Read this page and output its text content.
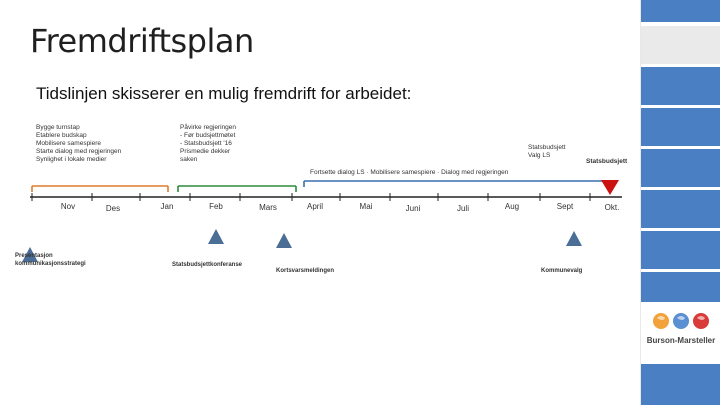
Fremdriftsplan
Tidslinjen skisserer en mulig fremdrift for arbeidet:
Bygge turnstap
Etablere budskap
Mobilisere samespiere
Starte dialog med regjeringen
Synlighet i lokale medier
Påvirke regjeringen
- Før budsjettmøtet
- Statsbudsjett '16
Prismedie dekker
saken
Statsbudsjett
Valg LS
Statsbudsjett
Fortsette dialog LS · Mobilisere samespiere · Dialog med regjeringen
Nov	Des	Jan	Feb	Mars	April	Mai	Juni	Juli	Aug	Sept	Okt.
Presentasjon
kommunikasjonsstrategi	Statsbudsjettkonferanse
Kortsvarsmeldingen	Kommunevalg
Burson-Marsteller
